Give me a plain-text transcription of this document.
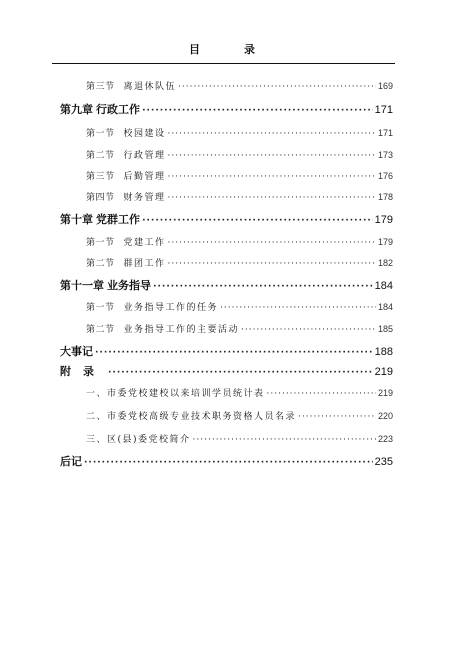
目录
第三节 离退休队伍 ·····	169
第九章 行政工作 ·····	171
第一节 校园建设 ·····	171
第二节 行政管理 ·····	173
第三节 后勤管理 ·····	176
第四节 财务管理 ·····	178
第十章 党群工作 ·····	179
第一节 党建工作 ·····	179
第二节 群团工作 ·····	182
第十一章 业务指导 ·····	184
第一节 业务指导工作的任务 ·····	184
第二节 业务指导工作的主要活动 ·····	185
大事记 ·····	188
附录 ·····	219
一、市委党校建校以来培训学员统计表 ·····	219
二、市委党校高级专业技术职务资格人员名录 ·····	220
三、区(县)委党校简介 ·····	223
后记 ·····	235
